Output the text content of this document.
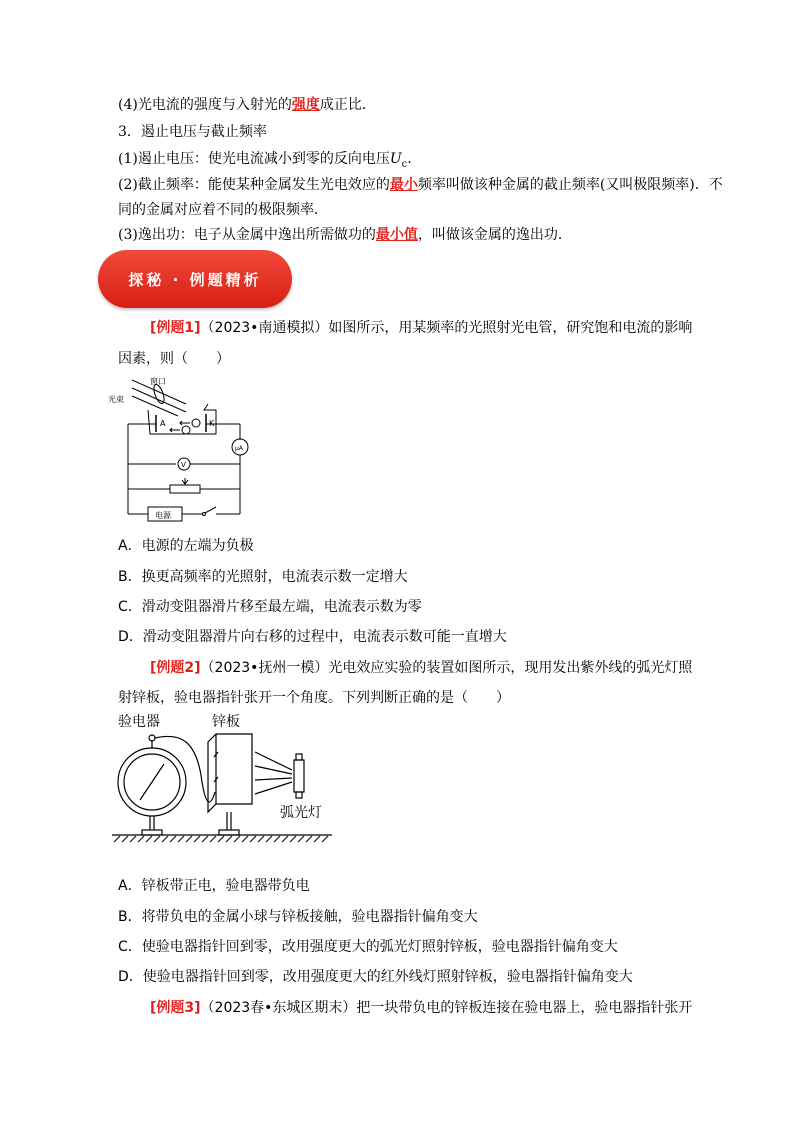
(4)光电流的强度与入射光的强度成正比．
3．遏止电压与截止频率
(1)遏止电压：使光电流减小到零的反向电压$U_c$.
(2)截止频率：能使某种金属发生光电效应的最小频率叫做该种金属的截止频率(又叫极限频率)．不
同的金属对应着不同的极限频率．
(3)逸出功：电子从金属中逸出所需做功的最小值，叫做该金属的逸出功．
探秘 · 例题精析
[例题1]（2023•南通模拟）如图所示，用某频率的光照射光电管，研究饱和电流的影响
因素，则（　　）
窗口
光束
A	K
μA
V
电源
A．电源的左端为负极
B．换更高频率的光照射，电流表示数一定增大
C．滑动变阻器滑片移至最左端，电流表示数为零
D．滑动变阻器滑片向右移的过程中，电流表示数可能一直增大
[例题2]（2023•抚州一模）光电效应实验的装置如图所示，现用发出紫外线的弧光灯照
射锌板，验电器指针张开一个角度。下列判断正确的是（　　）
验电器	锌板
弧光灯
A．锌板带正电，验电器带负电
B．将带负电的金属小球与锌板接触，验电器指针偏角变大
C．使验电器指针回到零，改用强度更大的弧光灯照射锌板，验电器指针偏角变大
D．使验电器指针回到零，改用强度更大的红外线灯照射锌板，验电器指针偏角变大
[例题3]（2023春•东城区期末）把一块带负电的锌板连接在验电器上，验电器指针张开
